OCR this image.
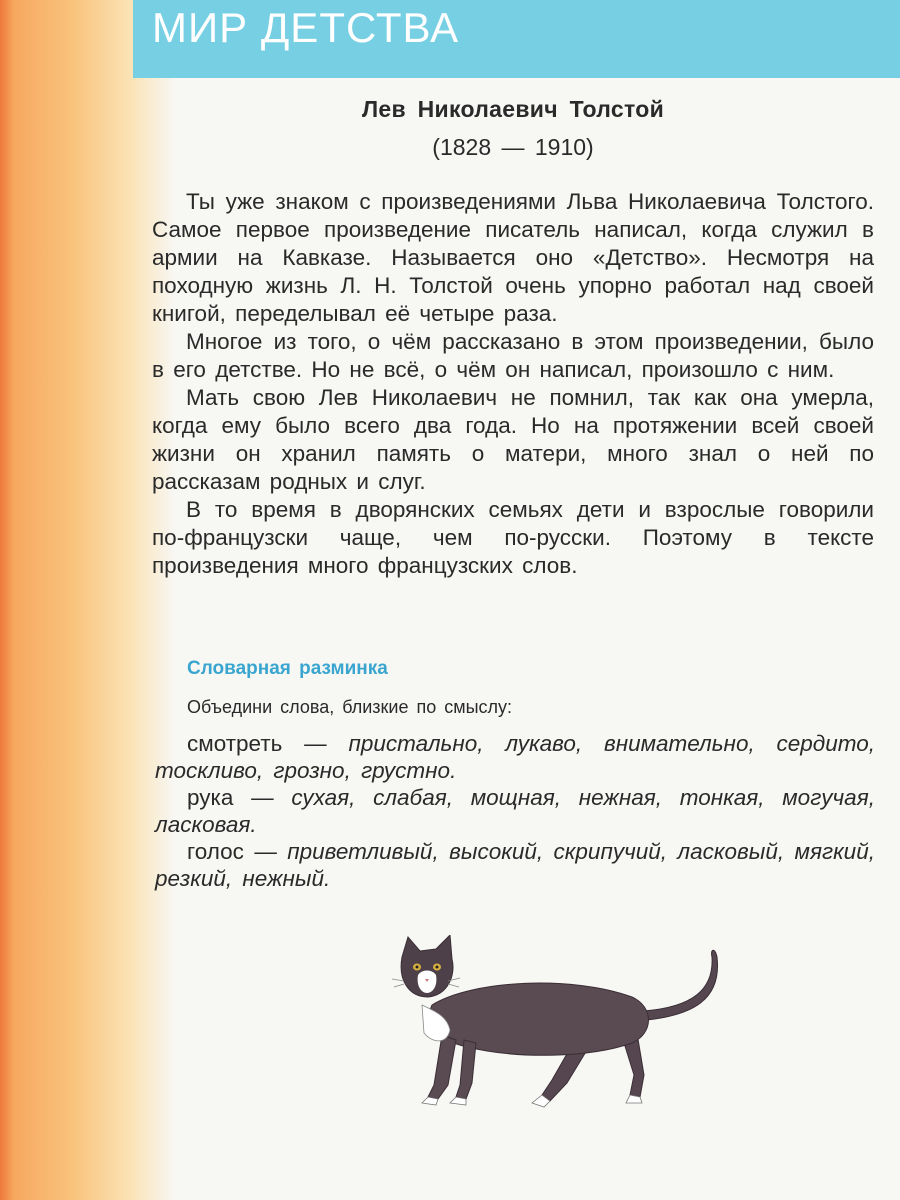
МИР ДЕТСТВА
Лев Николаевич Толстой
(1828 — 1910)

Ты уже знаком с произведениями Льва Николаевича Толстого. Самое первое произведение писатель написал, когда служил в армии на Кавказе. Называется оно «Детство». Несмотря на походную жизнь Л. Н. Толстой очень упорно работал над своей книгой, переделывал её четыре раза.

Многое из того, о чём рассказано в этом произведении, было в его детстве. Но не всё, о чём он написал, произошло с ним.

Мать свою Лев Николаевич не помнил, так как она умерла, когда ему было всего два года. Но на протяжении всей своей жизни он хранил память о матери, много знал о ней по рассказам родных и слуг.

В то время в дворянских семьях дети и взрослые говорили по-французски чаще, чем по-русски. Поэтому в тексте произведения много французских слов.

Словарная разминка
Объедини слова, близкие по смыслу:

смотреть — пристально, лукаво, внимательно, сердито, тоскливо, грозно, грустно.

рука — сухая, слабая, мощная, нежная, тонкая, могучая, ласковая.

голос — приветливый, высокий, скрипучий, ласковый, мягкий, резкий, нежный.
